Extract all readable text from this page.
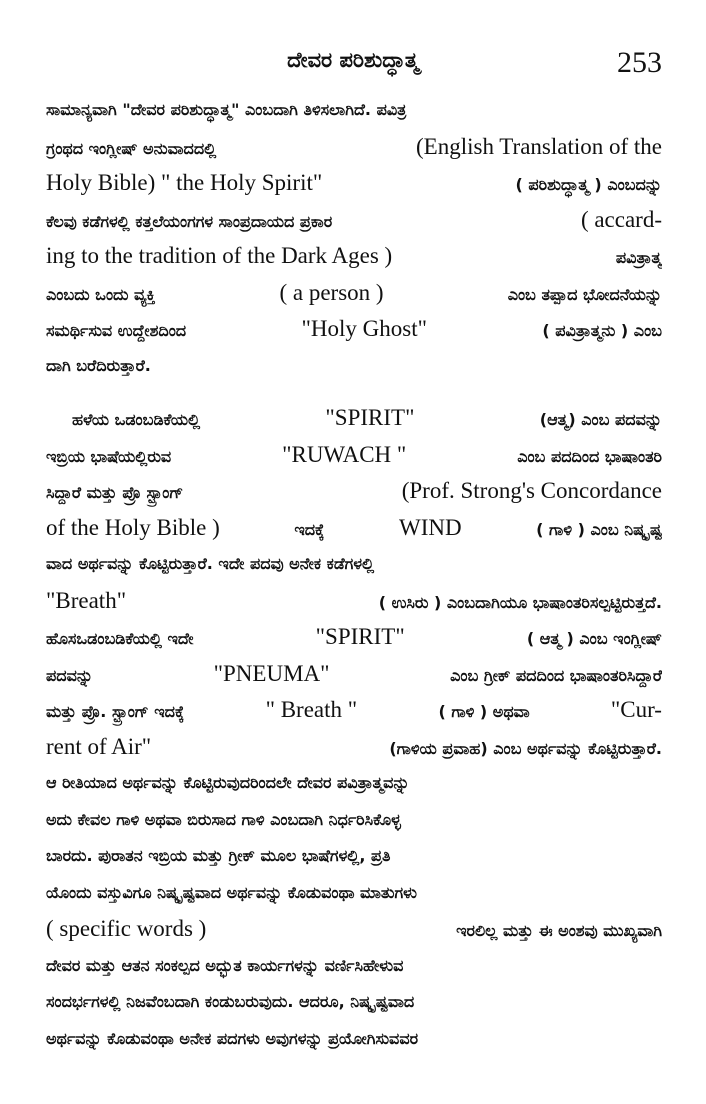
ದೇವರ ಪರಿಶುದ್ಧಾತ್ಮ	253
ಸಾಮಾನ್ಯವಾಗಿ "ದೇವರ ಪರಿಶುದ್ಧಾತ್ಮ" ಎಂಬದಾಗಿ ತಿಳಿಸಲಾಗಿದೆ. ಪವಿತ್ರ
ಗ್ರಂಥದ ಇಂಗ್ಲೀಷ್ ಅನುವಾದದಲ್ಲಿ	(English Translation of the
Holy Bible) " the Holy Spirit"	( ಪರಿಶುದ್ಧಾತ್ಮ ) ಎಂಬದನ್ನು
ಕೆಲವು ಕಡೆಗಳಲ್ಲಿ ಕತ್ತಲೆಯಂಗಗಳ ಸಾಂಪ್ರದಾಯದ ಪ್ರಕಾರ	( accard-
ing to the tradition of the Dark Ages )	ಪವಿತ್ರಾತ್ಮ
ಎಂಬದು ಒಂದು ವ್ಯಕ್ತಿ	( a person )	ಎಂಬ ತಪ್ಪಾದ ಭೋದನೆಯನ್ನು
ಸಮರ್ಥಿಸುವ ಉದ್ದೇಶದಿಂದ	"Holy Ghost"	( ಪವಿತ್ರಾತ್ಮನು ) ಎಂಬ
ದಾಗಿ ಬರೆದಿರುತ್ತಾರೆ.
ಹಳೆಯ ಒಡಂಬಡಿಕೆಯಲ್ಲಿ	"SPIRIT"	(ಆತ್ಮ) ಎಂಬ ಪದವನ್ನು
ಇಬ್ರಿಯ ಭಾಷೆಯಲ್ಲಿರುವ	"RUWACH "	ಎಂಬ ಪದದಿಂದ ಭಾಷಾಂತರಿ
ಸಿದ್ದಾರೆ ಮತ್ತು ಪ್ರೊ ಸ್ಟ್ರಾಂಗ್	(Prof. Strong's Concordance
of the Holy Bible )	ಇದಕ್ಕೆ	WIND	( ಗಾಳಿ ) ಎಂಬ ನಿಷ್ಕೃಷ್ಟ
ವಾದ ಅರ್ಥವನ್ನು ಕೊಟ್ಟಿರುತ್ತಾರೆ. ಇದೇ ಪದವು ಅನೇಕ ಕಡೆಗಳಲ್ಲಿ
"Breath"	( ಉಸಿರು ) ಎಂಬದಾಗಿಯೂ ಭಾಷಾಂತರಿಸಲ್ಪಟ್ಟಿರುತ್ತದೆ.
ಹೊಸಒಡಂಬಡಿಕೆಯಲ್ಲಿ ಇದೇ	"SPIRIT"	( ಆತ್ಮ ) ಎಂಬ ಇಂಗ್ಲೀಷ್
ಪದವನ್ನು	"PNEUMA"	ಎಂಬ ಗ್ರೀಕ್ ಪದದಿಂದ ಭಾಷಾಂತರಿಸಿದ್ದಾರೆ
ಮತ್ತು ಪ್ರೊ. ಸ್ಟ್ರಾಂಗ್ ಇದಕ್ಕೆ	" Breath "	( ಗಾಳಿ ) ಅಥವಾ	"Cur-
rent of Air"	(ಗಾಳಿಯ ಪ್ರವಾಹ) ಎಂಬ ಅರ್ಥವನ್ನು ಕೊಟ್ಟಿರುತ್ತಾರೆ.
ಆ ರೀತಿಯಾದ ಅರ್ಥವನ್ನು ಕೊಟ್ಟಿರುವುದರಿಂದಲೇ ದೇವರ ಪವಿತ್ರಾತ್ಮವನ್ನು
ಅದು ಕೇವಲ ಗಾಳಿ ಅಥವಾ ಬಿರುಸಾದ ಗಾಳಿ ಎಂಬದಾಗಿ ನಿರ್ಧರಿಸಿಕೊಳ್ಳ
ಬಾರದು. ಪುರಾತನ ಇಬ್ರಿಯ ಮತ್ತು ಗ್ರೀಕ್ ಮೂಲ ಭಾಷೆಗಳಲ್ಲಿ, ಪ್ರತಿ
ಯೊಂದು ವಸ್ತುವಿಗೂ ನಿಷ್ಕೃಷ್ಟವಾದ ಅರ್ಥವನ್ನು ಕೊಡುವಂಥಾ ಮಾತುಗಳು
( specific words )	ಇರಲಿಲ್ಲ ಮತ್ತು ಈ ಅಂಶವು ಮುಖ್ಯವಾಗಿ
ದೇವರ ಮತ್ತು ಆತನ ಸಂಕಲ್ಪದ ಅದ್ಭುತ ಕಾರ್ಯಗಳನ್ನು ವರ್ಣಿಸಿಹೇಳುವ
ಸಂದರ್ಭಗಳಲ್ಲಿ ನಿಜವೆಂಬದಾಗಿ ಕಂಡುಬರುವುದು. ಆದರೂ, ನಿಷ್ಕೃಷ್ಟವಾದ
ಅರ್ಥವನ್ನು ಕೊಡುವಂಥಾ ಅನೇಕ ಪದಗಳು ಅವುಗಳನ್ನು ಪ್ರಯೋಗಿಸುವವರ
